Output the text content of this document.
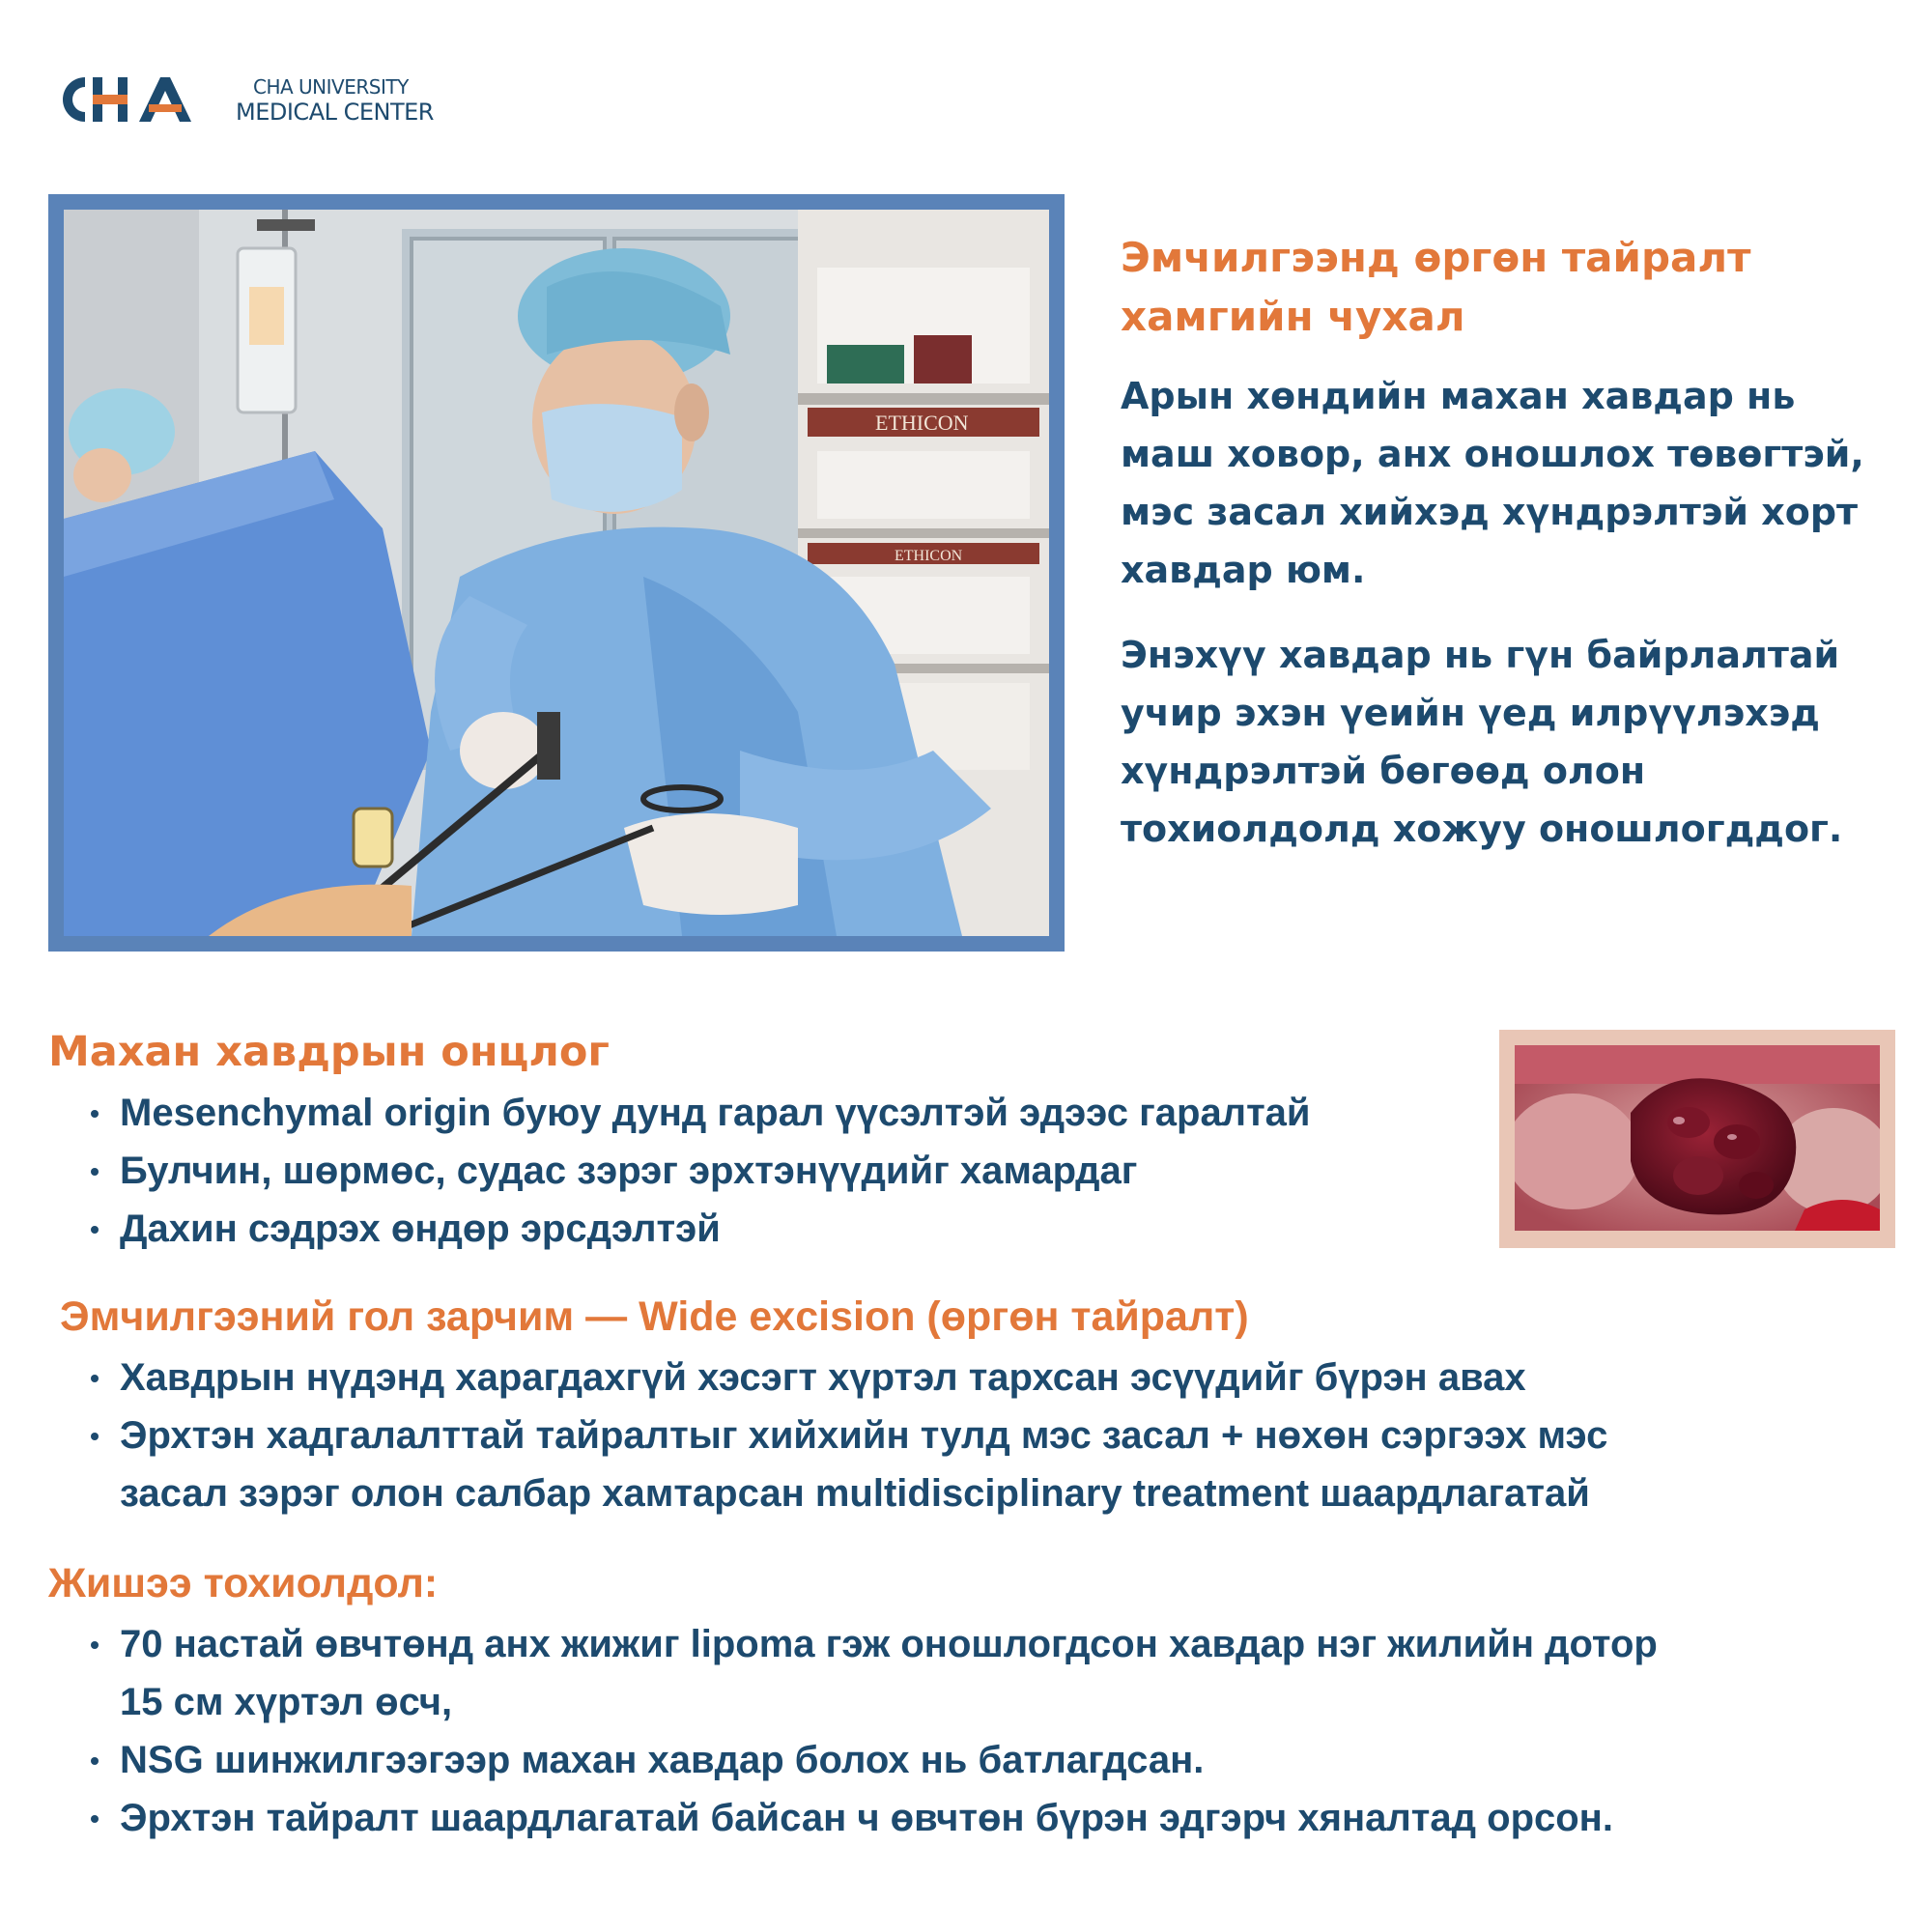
CHA UNIVERSITY
MEDICAL CENTER
ETHICON
ETHICON
Эмчилгээнд өргөн тайралт хамгийн чухал

Арын хөндийн махан хавдар нь маш ховор, анх оношлох төвөгтэй, мэс засал хийхэд хүндрэлтэй хорт хавдар юм.

Энэхүү хавдар нь гүн байрлалтай учир эхэн үеийн үед илрүүлэхэд хүндрэлтэй бөгөөд олон тохиолдолд хожуу оношлогддог.

Махан хавдрын онцлог
Mesenchymal origin буюу дунд гарал үүсэлтэй эдээс гаралтай
Булчин, шөрмөс, судас зэрэг эрхтэнүүдийг хамардаг
Дахин сэдрэх өндөр эрсдэлтэй
Эмчилгээний гол зарчим — Wide excision (өргөн тайралт)
Хавдрын нүдэнд харагдахгүй хэсэгт хүртэл тархсан эсүүдийг бүрэн авах
Эрхтэн хадгалалттай тайралтыг хийхийн тулд мэс засал + нөхөн сэргээх мэс
засал зэрэг олон салбар хамтарсан multidisciplinary treatment шаардлагатай
Жишээ тохиолдол:
70 настай өвчтөнд анх жижиг lipoma гэж оношлогдсон хавдар нэг жилийн дотор
15 см хүртэл өсч,
NSG шинжилгээгээр махан хавдар болох нь батлагдсан.
Эрхтэн тайралт шаардлагатай байсан ч өвчтөн бүрэн эдгэрч хяналтад орсон.
